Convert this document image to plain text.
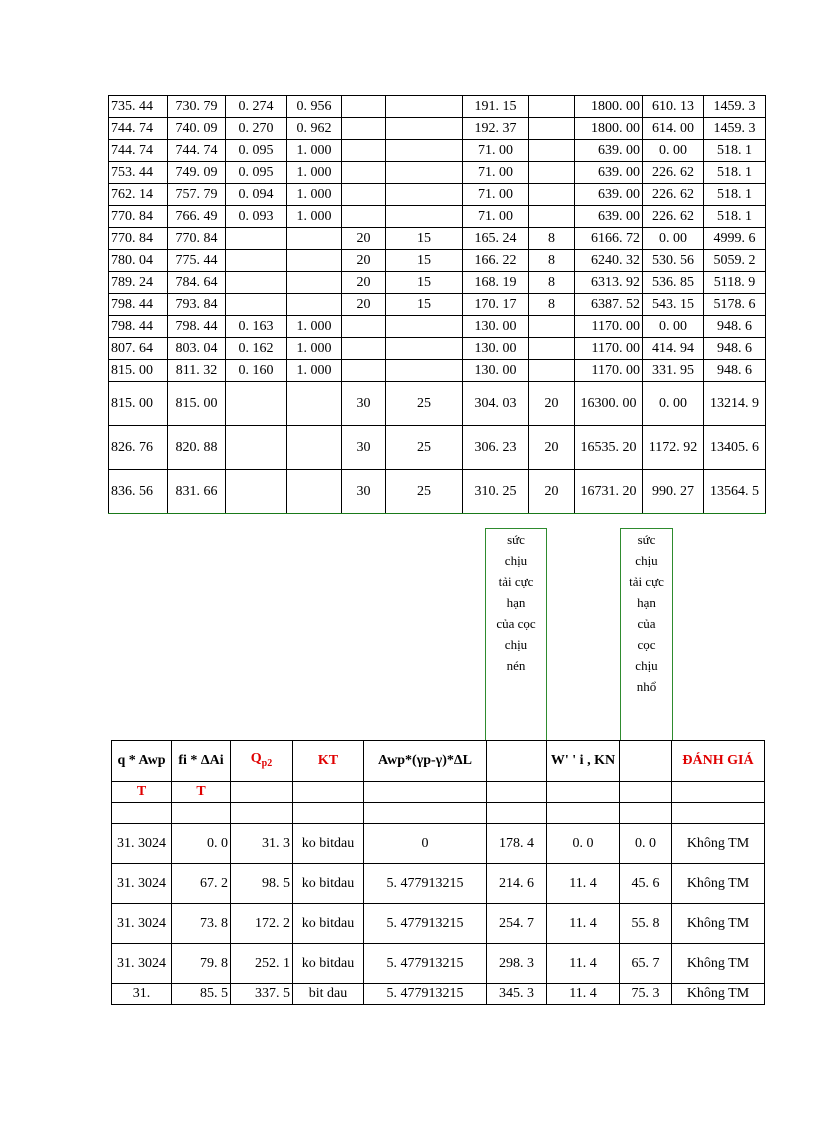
735. 44	730. 79	0. 274	0. 956			191. 15		1800. 00	610. 13	1459. 3
744. 74	740. 09	0. 270	0. 962			192. 37		1800. 00	614. 00	1459. 3
744. 74	744. 74	0. 095	1. 000			71. 00		639. 00	0. 00	518. 1
753. 44	749. 09	0. 095	1. 000			71. 00		639. 00	226. 62	518. 1
762. 14	757. 79	0. 094	1. 000			71. 00		639. 00	226. 62	518. 1
770. 84	766. 49	0. 093	1. 000			71. 00		639. 00	226. 62	518. 1
770. 84	770. 84			20	15	165. 24	8	6166. 72	0. 00	4999. 6
780. 04	775. 44			20	15	166. 22	8	6240. 32	530. 56	5059. 2
789. 24	784. 64			20	15	168. 19	8	6313. 92	536. 85	5118. 9
798. 44	793. 84			20	15	170. 17	8	6387. 52	543. 15	5178. 6
798. 44	798. 44	0. 163	1. 000			130. 00		1170. 00	0. 00	948. 6
807. 64	803. 04	0. 162	1. 000			130. 00		1170. 00	414. 94	948. 6
815. 00	811. 32	0. 160	1. 000			130. 00		1170. 00	331. 95	948. 6
815. 00	815. 00			30	25	304. 03	20	16300. 00	0. 00	13214. 9
826. 76	820. 88			30	25	306. 23	20	16535. 20	1172. 92	13405. 6
836. 56	831. 66			30	25	310. 25	20	16731. 20	990. 27	13564. 5
sức
chịu
tải cực
hạn
của cọc
chịu
nén
sức
chịu
tải cực
hạn
của
cọc
chịu
nhổ
q * Awp	fi * ΔAi	$Q_{p2}$	KT	Awp*(γp-γ)*ΔL		W' ' i , KN		ĐÁNH GIÁ
T	T							

31. 3024	0. 0	31. 3	ko bitdau	0	178. 4	0. 0	0. 0	Không TM
31. 3024	67. 2	98. 5	ko bitdau	5. 477913215	214. 6	11. 4	45. 6	Không TM
31. 3024	73. 8	172. 2	ko bitdau	5. 477913215	254. 7	11. 4	55. 8	Không TM
31. 3024	79. 8	252. 1	ko bitdau	5. 477913215	298. 3	11. 4	65. 7	Không TM
31.	85. 5	337. 5	bit dau	5. 477913215	345. 3	11. 4	75. 3	Không TM
